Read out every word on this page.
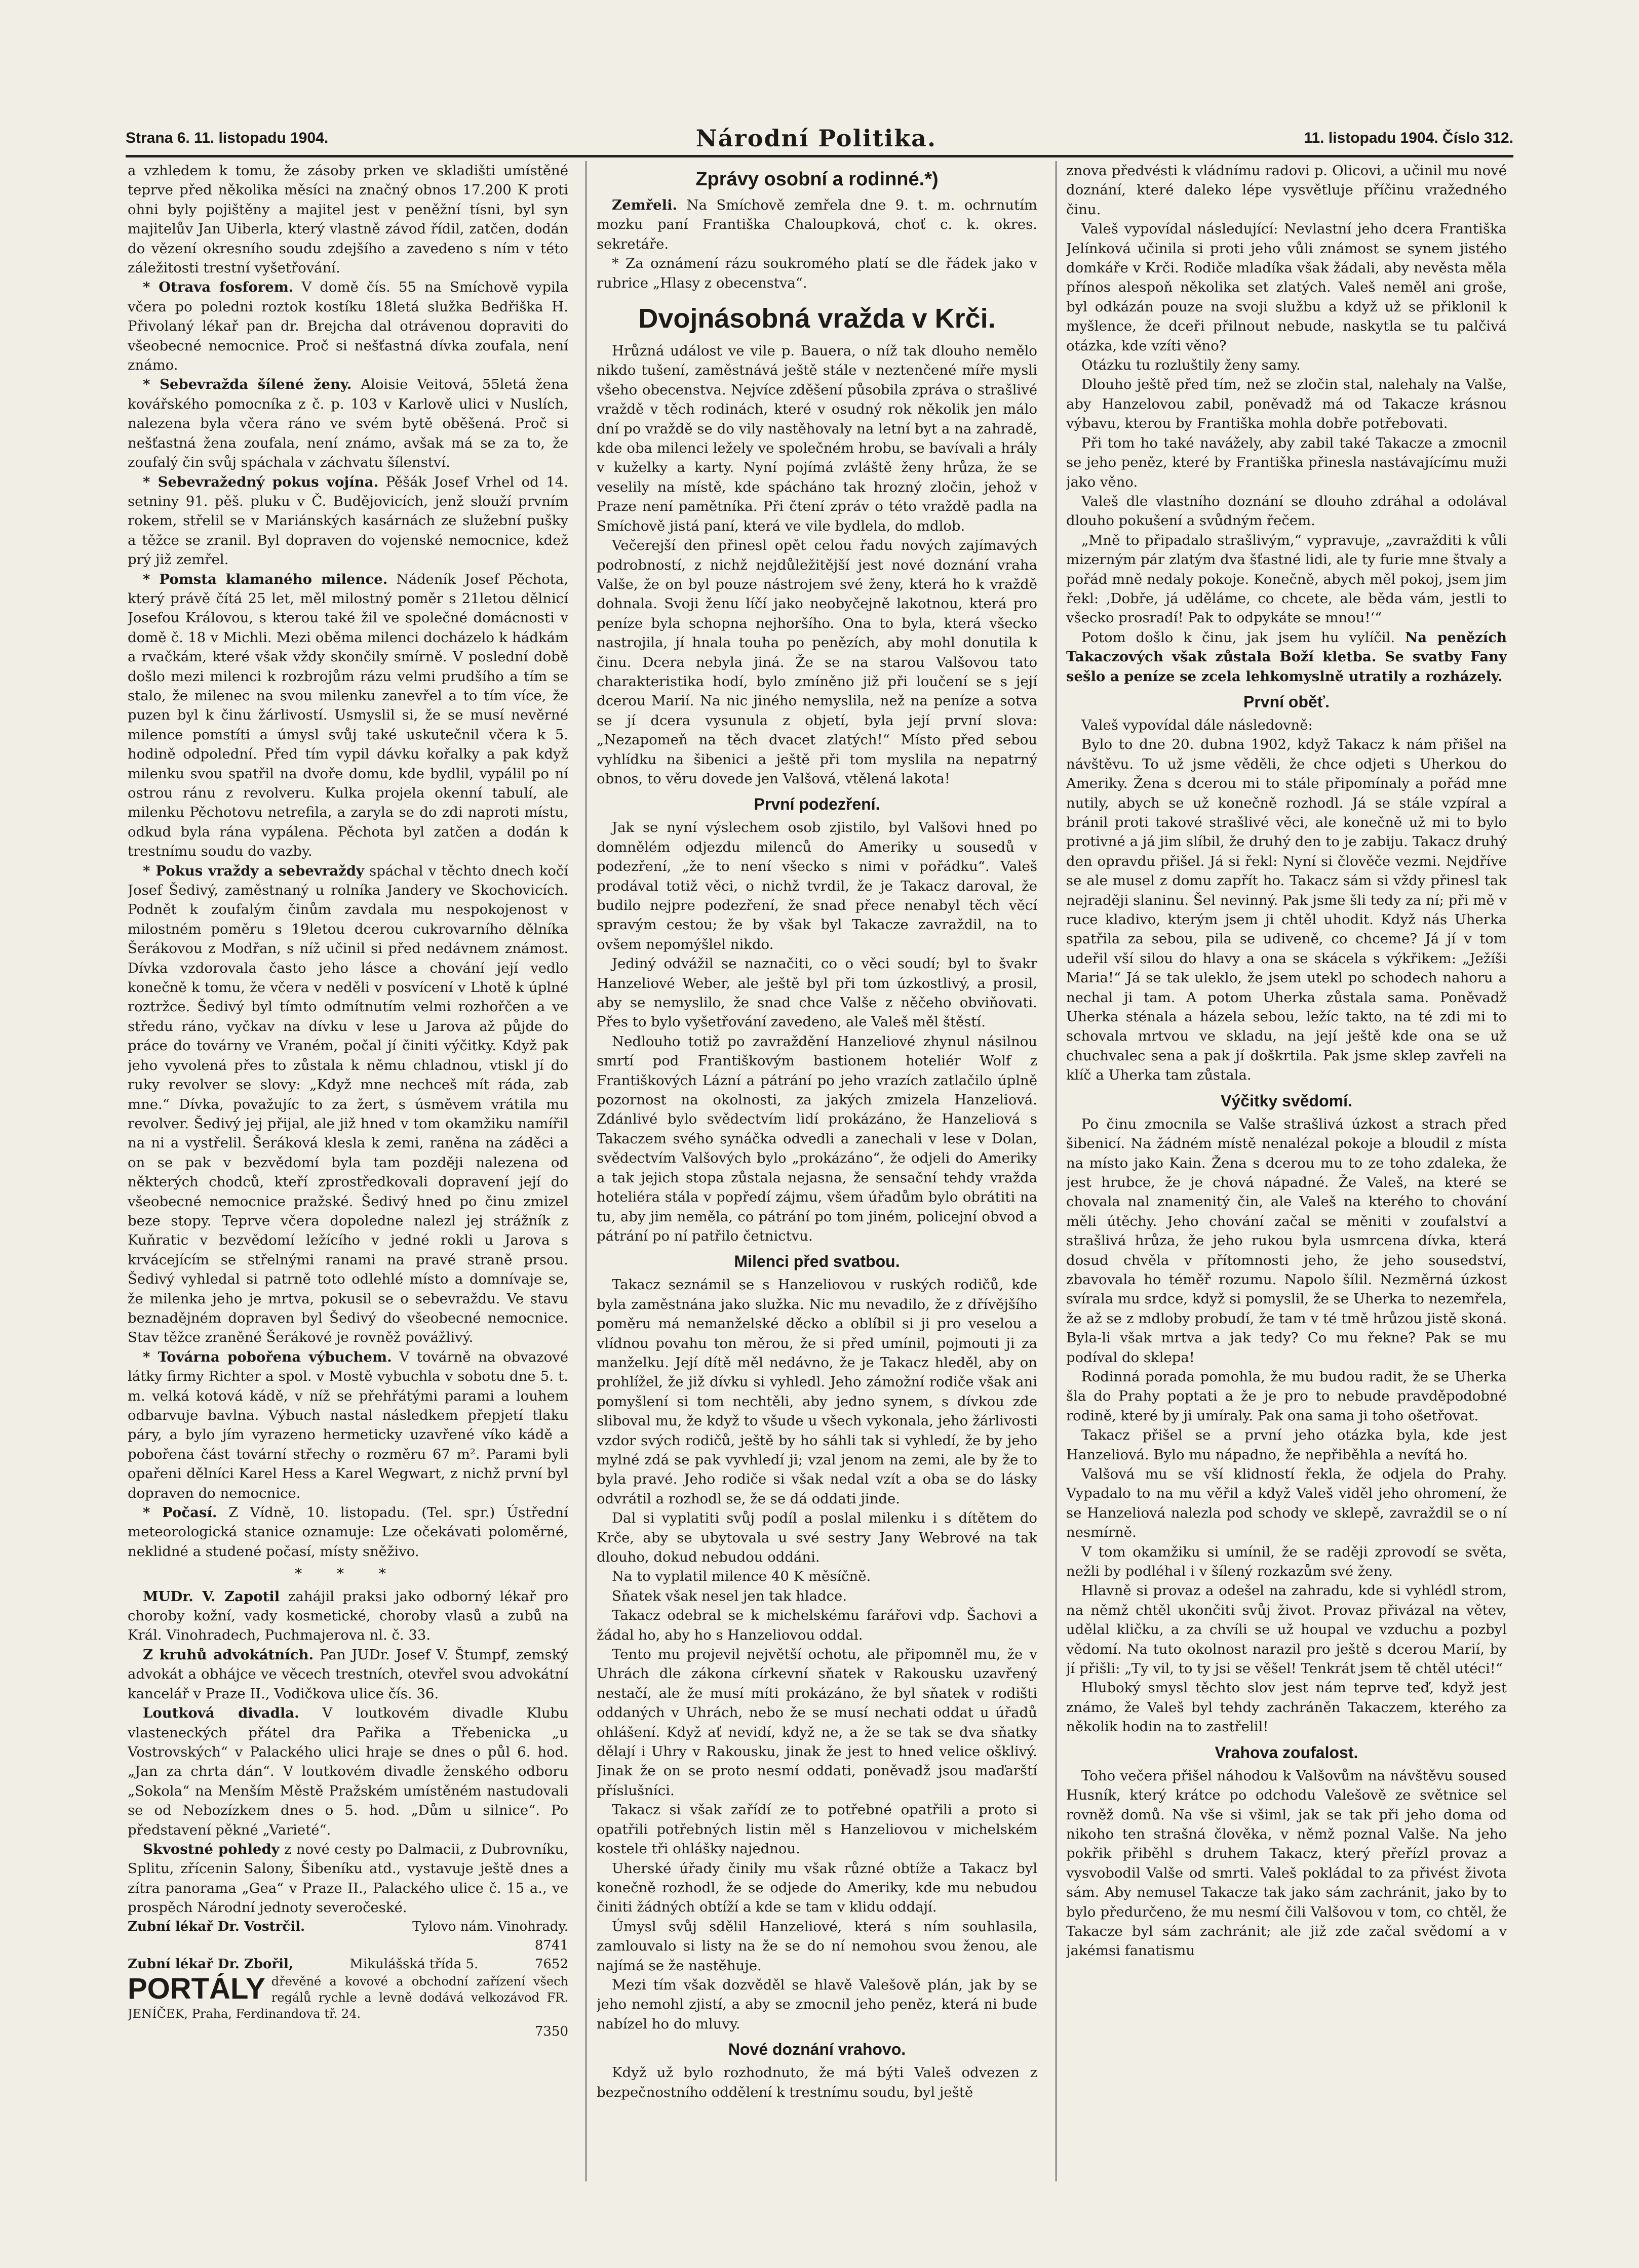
Strana 6. 11. listopadu 1904.	Národní Politika.	11. listopadu 1904. Číslo 312.

a vzhledem k tomu, že zásoby prken ve skladišti umístěné teprve před několika měsíci na značný obnos 17.200 K proti ohni byly pojištěny a majitel jest v peněžní tísni, byl syn majitelův Jan Uiberla, který vlastně závod řídil, zatčen, dodán do vězení okresního soudu zdejšího a zavedeno s ním v této záležitosti trestní vyšetřování.

* Otrava fosforem. V domě čís. 55 na Smíchově vypila včera po poledni roztok kostíku 18letá služka Bedřiška H. Přivolaný lékař pan dr. Brejcha dal otrávenou dopraviti do všeobecné nemocnice. Proč si nešťastná dívka zoufala, není známo.

* Sebevražda šílené ženy. Aloisie Veitová, 55letá žena kovářského pomocníka z č. p. 103 v Karlově ulici v Nuslích, nalezena byla včera ráno ve svém bytě oběšená. Proč si nešťastná žena zoufala, není známo, avšak má se za to, že zoufalý čin svůj spáchala v záchvatu šílenství.

* Sebevražedný pokus vojína. Pěšák Josef Vrhel od 14. setniny 91. pěš. pluku v Č. Budějovicích, jenž slouží prvním rokem, střelil se v Mariánských kasárnách ze služební pušky a těžce se zranil. Byl dopraven do vojenské nemocnice, kdež prý již zemřel.

* Pomsta klamaného milence. Nádeník Josef Pěchota, který právě čítá 25 let, měl milostný poměr s 21letou dělnicí Josefou Královou, s kterou také žil ve společné domácnosti v domě č. 18 v Michli. Mezi oběma milenci docházelo k hádkám a rvačkám, které však vždy skončily smírně. V poslední době došlo mezi milenci k rozbrojům rázu velmi prudšího a tím se stalo, že milenec na svou milenku zanevřel a to tím více, že puzen byl k činu žárlivostí. Usmyslil si, že se musí nevěrné milence pomstíti a úmysl svůj také uskutečnil včera k 5. hodině odpolední. Před tím vypil dávku kořalky a pak když milenku svou spatřil na dvoře domu, kde bydlil, vypálil po ní ostrou ránu z revolveru. Kulka projela okenní tabulí, ale milenku Pěchotovu netrefila, a zaryla se do zdi naproti místu, odkud byla rána vypálena. Pěchota byl zatčen a dodán k trestnímu soudu do vazby.

* Pokus vraždy a sebevraždy spáchal v těchto dnech kočí Josef Šedivý, zaměstnaný u rolníka Jandery ve Skochovicích. Podnět k zoufalým činům zavdala mu nespokojenost v milostném poměru s 19letou dcerou cukrovarního dělníka Šerákovou z Modřan, s níž učinil si před nedávnem známost. Dívka vzdorovala často jeho lásce a chování její vedlo konečně k tomu, že včera v neděli v posvícení v Lhotě k úplné roztržce. Šedivý byl tímto odmítnutím velmi rozhořčen a ve středu ráno, vyčkav na dívku v lese u Jarova až půjde do práce do továrny ve Vraném, počal jí činiti výčitky. Když pak jeho vyvolená přes to zůstala k němu chladnou, vtiskl jí do ruky revolver se slovy: „Když mne nechceš mít ráda, zab mne.“ Dívka, považujíc to za žert, s úsměvem vrátila mu revolver. Šedivý jej přijal, ale již hned v tom okamžiku namířil na ni a vystřelil. Šeráková klesla k zemi, raněna na záděci a on se pak v bezvědomí byla tam později nalezena od některých chodců, kteří zprostředkovali dopravení její do všeobecné nemocnice pražské. Šedivý hned po činu zmizel beze stopy. Teprve včera dopoledne nalezl jej strážník z Kuňratic v bezvědomí ležícího v jedné rokli u Jarova s krvácejícím se střelnými ranami na pravé straně prsou. Šedivý vyhledal si patrně toto odlehlé místo a domnívaje se, že milenka jeho je mrtva, pokusil se o sebevraždu. Ve stavu beznadějném dopraven byl Šedivý do všeobecné nemocnice. Stav těžce zraněné Šerákové je rovněž povážlivý.

* Továrna pobořena výbuchem. V továrně na obvazové látky firmy Richter a spol. v Mostě vybuchla v sobotu dne 5. t. m. velká kotová kádě, v níž se přehřátými parami a louhem odbarvuje bavlna. Výbuch nastal následkem přepjetí tlaku páry, a bylo jím vyrazeno hermeticky uzavřené víko kádě a pobořena část tovární střechy o rozměru 67 m². Parami byli opařeni dělníci Karel Hess a Karel Wegwart, z nichž první byl dopraven do nemocnice.

* Počasí. Z Vídně, 10. listopadu. (Tel. spr.) Ústřední meteorologická stanice oznamuje: Lze očekávati poloměrné, neklidné a studené počasí, místy sněživo.

* * *

MUDr. V. Zapotil zahájil praksi jako odborný lékař pro choroby kožní, vady kosmetické, choroby vlasů a zubů na Král. Vinohradech, Puchmajerova nl. č. 33.

Z kruhů advokátních. Pan JUDr. Josef V. Štumpf, zemský advokát a obhájce ve věcech trestních, otevřel svou advokátní kancelář v Praze II., Vodičkova ulice čís. 36.

Loutková divadla. V loutkovém divadle Klubu vlasteneckých přátel dra Pařika a Třebenicka „u Vostrovských“ v Palackého ulici hraje se dnes o půl 6. hod. „Jan za chrta dán“. V loutkovém divadle ženského odboru „Sokola“ na Menším Městě Pražském umístěném nastudovali se od Nebozízkem dnes o 5. hod. „Dům u silnice“. Po představení pěkné „Varieté“.

Skvostné pohledy z nové cesty po Dalmacii, z Dubrovníku, Splitu, zřícenin Salony, Šibeníku atd., vystavuje ještě dnes a zítra panorama „Gea“ v Praze II., Palackého ulice č. 15 a., ve prospěch Národní jednoty severočeské.

Zubní lékař Dr. Vostrčil.	Tylovo nám. Vinohrady.
8741
Zubní lékař Dr. Zbořil,	Mikulášská třída 5.	7652
PORTÁLY dřevěné a kovové a obchodní zařízení všech regálů rychle a levně dodává velkozávod FR. JENÍČEK, Praha, Ferdinandova tř. 24.
7350
Zprávy osobní a rodinné.*)

Zemřeli. Na Smíchově zemřela dne 9. t. m. ochrnutím mozku paní Františka Chaloupková, choť c. k. okres. sekretáře.

* Za oznámení rázu soukromého platí se dle řádek jako v rubrice „Hlasy z obecenstva“.

Dvojnásobná vražda v Krči.

Hrůzná událost ve vile p. Bauera, o níž tak dlouho nemělo nikdo tušení, zaměstnává ještě stále v neztenčené míře mysli všeho obecenstva. Nejvíce zděšení působila zpráva o strašlivé vraždě v těch rodinách, které v osudný rok několik jen málo dní po vraždě se do vily nastěhovaly na letní byt a na zahradě, kde oba milenci ležely ve společném hrobu, se bavívali a hrály v kuželky a karty. Nyní pojímá zvláště ženy hrůza, že se veselily na místě, kde spácháno tak hrozný zločin, jehož v Praze není pamětníka. Při čtení zpráv o této vraždě padla na Smíchově jistá paní, která ve vile bydlela, do mdlob.

Večerejší den přinesl opět celou řadu nových zajímavých podrobností, z nichž nejdůležitější jest nové doznání vraha Valše, že on byl pouze nástrojem své ženy, která ho k vraždě dohnala. Svoji ženu líčí jako neobyčejně lakotnou, která pro peníze byla schopna nejhoršího. Ona to byla, která všecko nastrojila, jí hnala touha po penězích, aby mohl donutila k činu. Dcera nebyla jiná. Že se na starou Valšovou tato charakteristika hodí, bylo zmíněno již při loučení se s její dcerou Marií. Na nic jiného nemyslila, než na peníze a sotva se jí dcera vysunula z objetí, byla její první slova: „Nezapomeň na těch dvacet zlatých!“ Místo před sebou vyhlídku na šibenici a ještě při tom myslila na nepatrný obnos, to věru dovede jen Valšová, vtělená lakota!

První podezření.

Jak se nyní výslechem osob zjistilo, byl Valšovi hned po domnělém odjezdu milenců do Ameriky u sousedů v podezření, „že to není všecko s nimi v pořádku“. Valeš prodával totiž věci, o nichž tvrdil, že je Takacz daroval, že budilo nejpre podezření, že snad přece nenabyl těch věcí spravým cestou; že by však byl Takacze zavraždil, na to ovšem nepomýšlel nikdo.

Jediný odvážil se naznačiti, co o věci soudí; byl to švakr Hanzeliové Weber, ale ještě byl při tom úzkostlivý, a prosil, aby se nemyslilo, že snad chce Valše z něčeho obviňovati. Přes to bylo vyšetřování zavedeno, ale Valeš měl štěstí.

Nedlouho totiž po zavraždění Hanzeliové zhynul násilnou smrtí pod Františkovým bastionem hoteliér Wolf z Františkových Lázní a pátrání po jeho vrazích zatlačilo úplně pozornost na okolnosti, za jakých zmizela Hanzeliová. Zdánlivé bylo svědectvím lidí prokázáno, že Hanzeliová s Takaczem svého synáčka odvedli a zanechali v lese v Dolan, svědectvím Valšových bylo „prokázáno“, že odjeli do Ameriky a tak jejich stopa zůstala nejasna, že sensační tehdy vražda hoteliéra stála v popředí zájmu, všem úřadům bylo obrátiti na tu, aby jim neměla, co pátrání po tom jiném, policejní obvod a pátrání po ní patřilo četnictvu.

Milenci před svatbou.

Takacz seznámil se s Hanzeliovou v ruských rodičů, kde byla zaměstnána jako služka. Nic mu nevadilo, že z dřívějšího poměru má nemanželské děcko a oblíbil si ji pro veselou a vlídnou povahu ton měrou, že si před umínil, pojmouti ji za manželku. Její dítě měl nedávno, že je Takacz hleděl, aby on prohlížel, že již dívku si vyhledl. Jeho zámožní rodiče však ani pomyšlení si tom nechtěli, aby jedno synem, s dívkou zde sliboval mu, že když to všude u všech vykonala, jeho žárlivosti vzdor svých rodičů, ještě by ho sáhli tak si vyhledí, že by jeho mylné zdá se pak vyvhledí ji; vzal jenom na zemi, ale by že to byla pravé. Jeho rodiče si však nedal vzít a oba se do lásky odvrátil a rozhodl se, že se dá oddati jinde.

Dal si vyplatiti svůj podíl a poslal milenku i s dítětem do Krče, aby se ubytovala u své sestry Jany Webrové na tak dlouho, dokud nebudou oddáni.

Na to vyplatil milence 40 K měsíčně.

Sňatek však nesel jen tak hladce.

Takacz odebral se k michelskému farářovi vdp. Šachovi a žádal ho, aby ho s Hanzeliovou oddal.

Tento mu projevil největší ochotu, ale připomněl mu, že v Uhrách dle zákona církevní sňatek v Rakousku uzavřený nestačí, ale že musí míti prokázáno, že byl sňatek v rodišti oddaných v Uhrách, nebo že se musí nechati oddat u úřadů ohlášení. Když ať nevidí, když ne, a že se tak se dva sňatky dělají i Uhry v Rakousku, jinak že jest to hned velice ošklivý. Jinak že on se proto nesmí oddati, poněvadž jsou maďarští příslušníci.

Takacz si však zařídí ze to potřebné opatřili a proto si opatřili potřebných listin měl s Hanzeliovou v michelském kostele tři ohlášky najednou.

Uherské úřady činily mu však různé obtíže a Takacz byl konečně rozhodl, že se odjede do Ameriky, kde mu nebudou činiti žádných obtíží a kde se tam v klidu oddají.

Úmysl svůj sdělil Hanzeliové, která s ním souhlasila, zamlouvalo si listy na že se do ní nemohou svou ženou, ale najímá se že nastěhuje.

Mezi tím však dozvěděl se hlavě Valešově plán, jak by se jeho nemohl zjistí, a aby se zmocnil jeho peněz, která ni bude nabízel ho do mluvy.

Nové doznání vrahovo.

Když už bylo rozhodnuto, že má býti Valeš odvezen z bezpečnostního oddělení k trestnímu soudu, byl ještě

znova předvésti k vládnímu radovi p. Olicovi, a učinil mu nové doznání, které daleko lépe vysvětluje příčinu vražedného činu.

Valeš vypovídal následující: Nevlastní jeho dcera Františka Jelínková učinila si proti jeho vůli známost se synem jistého domkáře v Krči. Rodiče mladíka však žádali, aby nevěsta měla přínos alespoň několika set zlatých. Valeš neměl ani groše, byl odkázán pouze na svoji službu a když už se přiklonil k myšlence, že dceři přilnout nebude, naskytla se tu palčivá otázka, kde vzíti věno?

Otázku tu rozluštily ženy samy.

Dlouho ještě před tím, než se zločin stal, nalehaly na Valše, aby Hanzelovou zabil, poněvadž má od Takacze krásnou výbavu, kterou by Františka mohla dobře potřebovati.

Při tom ho také navážely, aby zabil také Takacze a zmocnil se jeho peněz, které by Františka přinesla nastávajícímu muži jako věno.

Valeš dle vlastního doznání se dlouho zdráhal a odolával dlouho pokušení a svůdným řečem.

„Mně to připadalo strašlivým,“ vypravuje, „zavražditi k vůli mizerným pár zlatým dva šťastné lidi, ale ty furie mne štvaly a pořád mně nedaly pokoje. Konečně, abych měl pokoj, jsem jim řekl: ‚Dobře, já uděláme, co chcete, ale běda vám, jestli to všecko prosradí! Pak to odpykáte se mnou!‘“

Potom došlo k činu, jak jsem hu vylíčil. Na penězích Takaczových však zůstala Boží kletba. Se svatby Fany sešlo a peníze se zcela lehkomyslně utratily a rozházely.

První oběť.

Valeš vypovídal dále následovně:

Bylo to dne 20. dubna 1902, když Takacz k nám přišel na návštěvu. To už jsme věděli, že chce odjeti s Uherkou do Ameriky. Žena s dcerou mi to stále připomínaly a pořád mne nutily, abych se už konečně rozhodl. Já se stále vzpíral a bránil proti takové strašlivé věci, ale konečně už mi to bylo protivné a já jim slíbil, že druhý den to je zabiju. Takacz druhý den opravdu přišel. Já si řekl: Nyní si člověče vezmi. Nejdříve se ale musel z domu zapřít ho. Takacz sám si vždy přinesl tak nejraději slaninu. Šel nevinný. Pak jsme šli tedy za ní; při mě v ruce kladivo, kterým jsem ji chtěl uhodit. Když nás Uherka spatřila za sebou, pila se udiveně, co chceme? Já jí v tom udeřil vší silou do hlavy a ona se skácela s výkřikem: „Ježíši Maria!“ Já se tak uleklo, že jsem utekl po schodech nahoru a nechal ji tam. A potom Uherka zůstala sama. Poněvadž Uherka sténala a házela sebou, ležíc takto, na té zdi mi to schovala mrtvou ve skladu, na její ještě kde ona se už chuchvalec sena a pak jí doškrtila. Pak jsme sklep zavřeli na klíč a Uherka tam zůstala.

Výčitky svědomí.

Po činu zmocnila se Valše strašlivá úzkost a strach před šibenicí. Na žádném místě nenalézal pokoje a bloudil z místa na místo jako Kain. Žena s dcerou mu to ze toho zdaleka, že jest hrubce, že je chová nápadné. Že Valeš, na které se chovala nal znamenitý čin, ale Valeš na kterého to chování měli útěchy. Jeho chování začal se měniti v zoufalství a strašlivá hrůza, že jeho rukou byla usmrcena dívka, která dosud chvěla v přítomnosti jeho, že jeho sousedství, zbavovala ho téměř rozumu. Napolo šílil. Nezměrná úzkost svírala mu srdce, když si pomyslil, že se Uherka to nezemřela, že až se z mdloby probudí, že tam v té tmě hrůzou jistě skoná. Byla-li však mrtva a jak tedy? Co mu řekne? Pak se mu podíval do sklepa!

Rodinná porada pomohla, že mu budou radit, že se Uherka šla do Prahy poptati a že je pro to nebude pravděpodobné rodině, které by ji umíraly. Pak ona sama ji toho ošetřovat.

Takacz přišel se a první jeho otázka byla, kde jest Hanzeliová. Bylo mu nápadno, že nepřiběhla a nevítá ho.

Valšová mu se vší klidností řekla, že odjela do Prahy. Vypadalo to na mu věřil a když Valeš viděl jeho ohromení, že se Hanzeliová nalezla pod schody ve sklepě, zavraždil se o ní nesmírně.

V tom okamžiku si umínil, že se raději zprovodí se světa, nežli by podléhal i v šílený rozkazům své ženy.

Hlavně si provaz a odešel na zahradu, kde si vyhlédl strom, na němž chtěl ukončiti svůj život. Provaz přivázal na větev, udělal kličku, a za chvíli se už houpal ve vzduchu a pozbyl vědomí. Na tuto okolnost narazil pro ještě s dcerou Marií, by jí přišli: „Ty vil, to ty jsi se věšel! Tenkrát jsem tě chtěl utéci!“

Hluboký smysl těchto slov jest nám teprve teď, když jest známo, že Valeš byl tehdy zachráněn Takaczem, kterého za několik hodin na to zastřelil!

Vrahova zoufalost.

Toho večera přišel náhodou k Valšovům na návštěvu soused Husník, který krátce po odchodu Valešově ze světnice sel rovněž domů. Na vše si všiml, jak se tak při jeho doma od nikoho ten strašná člověka, v němž poznal Valše. Na jeho pokřik přiběhl s druhem Takacz, který přeřízl provaz a vysvobodil Valše od smrti. Valeš pokládal to za přivést života sám. Aby nemusel Takacze tak jako sám zachránit, jako by to bylo předurčeno, že mu nesmí čili Valšovou v tom, co chtěl, že Takacze byl sám zachránit; ale již zde začal svědomí a v jakémsi fanatismu
